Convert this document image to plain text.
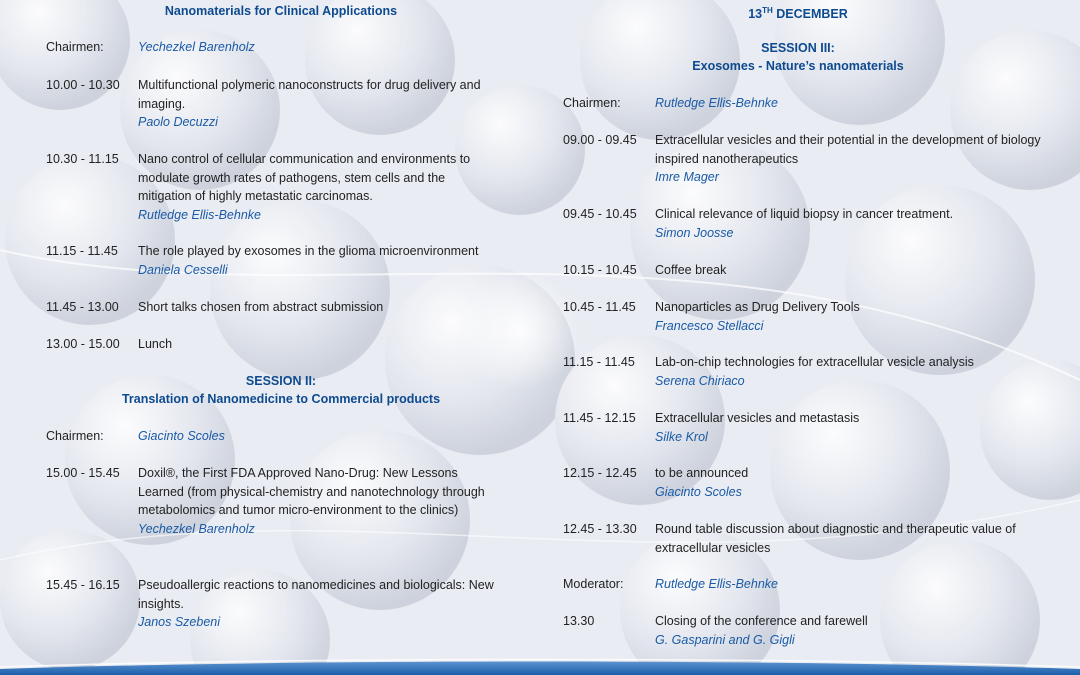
Nanomaterials for Clinical Applications
Chairmen:	Yechezkel Barenholz
10.00 - 10.30	Multifunctional polymeric nanoconstructs for drug delivery and imaging.
Paolo Decuzzi
10.30 - 11.15	Nano control of cellular communication and environments to modulate growth rates of pathogens, stem cells and the mitigation of highly metastatic carcinomas.
Rutledge Ellis-Behnke
11.15 - 11.45	The role played by exosomes in the glioma microenvironment
Daniela Cesselli
11.45 - 13.00	Short talks chosen from abstract submission
13.00 - 15.00	Lunch
SESSION II:
Translation of Nanomedicine to Commercial products
Chairmen:	Giacinto Scoles
15.00 - 15.45	Doxil®, the First FDA Approved Nano-Drug: New Lessons Learned (from physical-chemistry and nanotechnology through metabolomics and tumor micro-environment to the clinics)
Yechezkel Barenholz
15.45 - 16.15	Pseudoallergic reactions to nanomedicines and biologicals: New insights.
Janos Szebeni
13TH DECEMBER
SESSION III:
Exosomes - Nature’s nanomaterials
Chairmen:	Rutledge Ellis-Behnke
09.00 - 09.45	Extracellular vesicles and their potential in the development of biology inspired nanotherapeutics
Imre Mager
09.45 - 10.45	Clinical relevance of liquid biopsy in cancer treatment.
Simon Joosse
10.15 - 10.45	Coffee break
10.45 - 11.45	Nanoparticles as Drug Delivery Tools
Francesco Stellacci
11.15 - 11.45	Lab-on-chip technologies for extracellular vesicle analysis
Serena Chiriaco
11.45 - 12.15	Extracellular vesicles and metastasis
Silke Krol
12.15 - 12.45	to be announced
Giacinto Scoles
12.45 - 13.30	Round table discussion about diagnostic and therapeutic value of extracellular vesicles
Moderator:	Rutledge Ellis-Behnke
13.30	Closing of the conference and farewell
G. Gasparini and G. Gigli
